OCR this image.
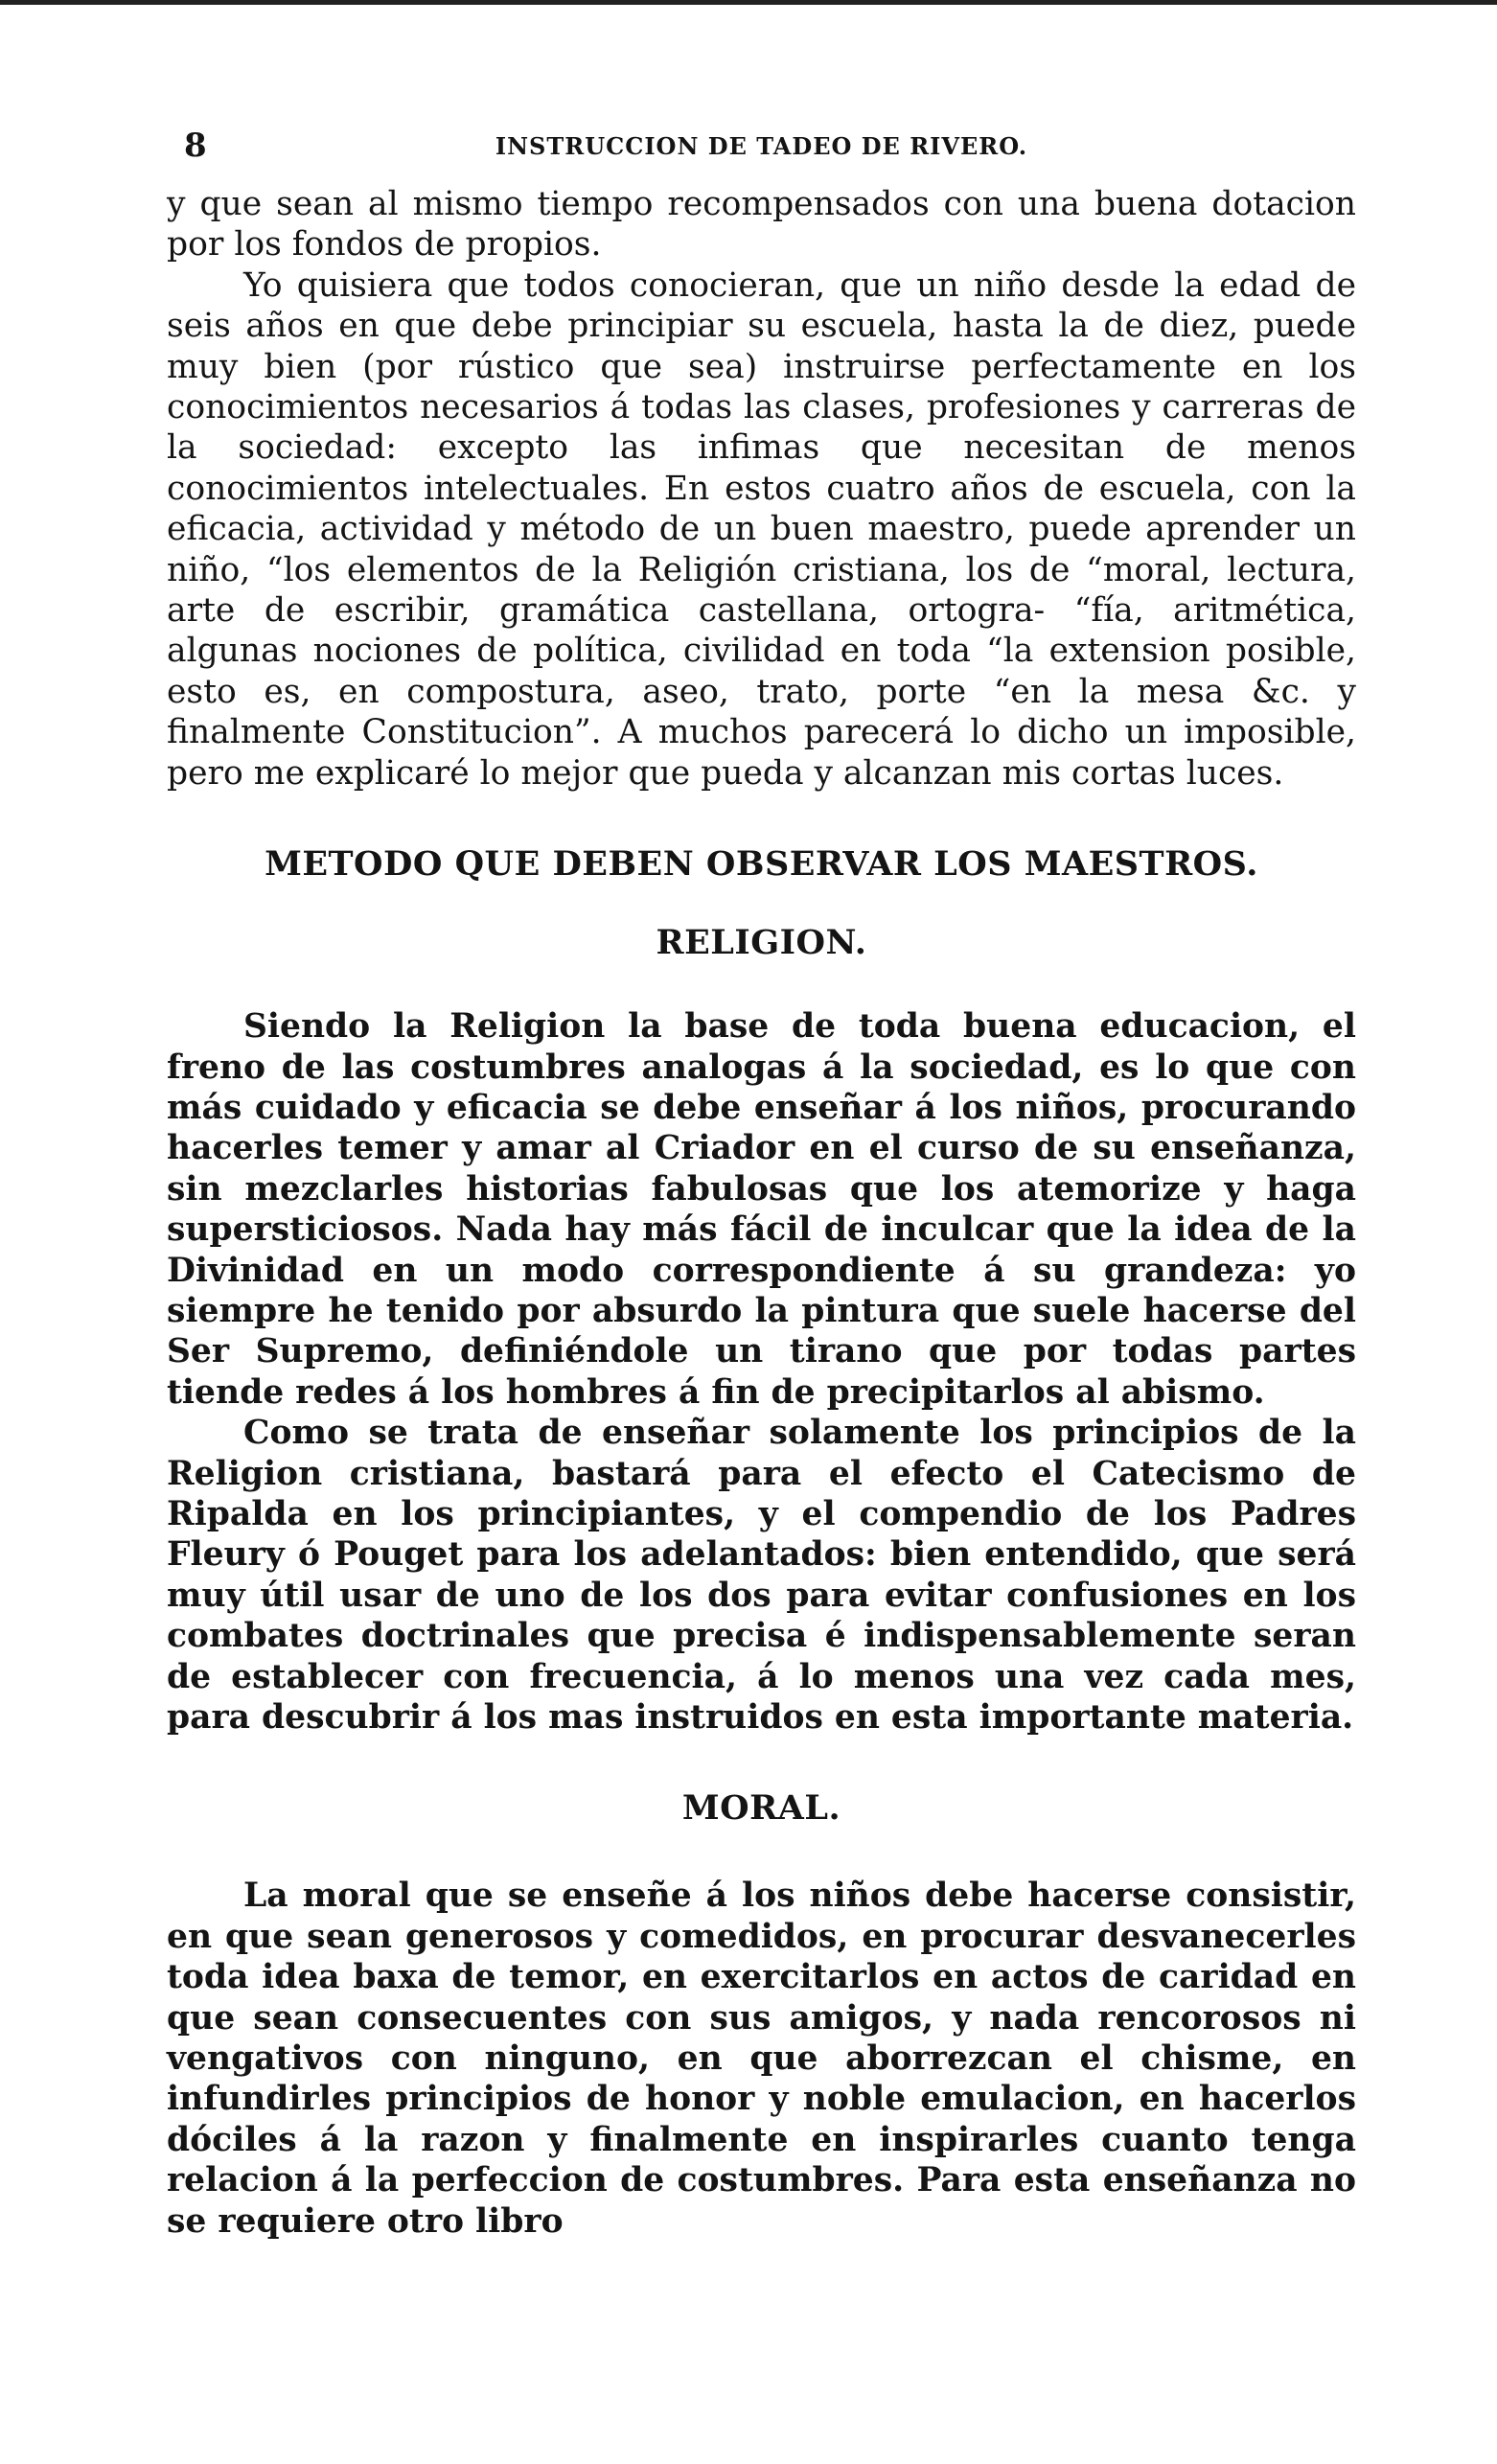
8	INSTRUCCION DE TADEO DE RIVERO.

y que sean al mismo tiempo recompensados con una buena dotacion por los fondos de propios.

Yo quisiera que todos conocieran, que un niño desde la edad de seis años en que debe principiar su escuela, hasta la de diez, puede muy bien (por rústico que sea) instruirse perfectamente en los conocimientos necesarios á todas las clases, profesiones y carreras de la sociedad: excepto las infimas que necesitan de menos conocimientos intelectuales. En estos cuatro años de escuela, con la eficacia, actividad y método de un buen maestro, puede aprender un niño, “los elementos de la Religión cristiana, los de “moral, lectura, arte de escribir, gramática castellana, ortogra- “fía, aritmética, algunas nociones de política, civilidad en toda “la extension posible, esto es, en compostura, aseo, trato, porte “en la mesa &c. y finalmente Constitucion”. A muchos parecerá lo dicho un imposible, pero me explicaré lo mejor que pueda y alcanzan mis cortas luces.

METODO QUE DEBEN OBSERVAR LOS MAESTROS.
RELIGION.

Siendo la Religion la base de toda buena educacion, el freno de las costumbres analogas á la sociedad, es lo que con más cuidado y eficacia se debe enseñar á los niños, procurando hacerles temer y amar al Criador en el curso de su enseñanza, sin mezclarles historias fabulosas que los atemorize y haga supersticiosos. Nada hay más fácil de inculcar que la idea de la Divinidad en un modo correspondiente á su grandeza: yo siempre he tenido por absurdo la pintura que suele hacerse del Ser Supremo, definiéndole un tirano que por todas partes tiende redes á los hombres á fin de precipitarlos al abismo.

Como se trata de enseñar solamente los principios de la Religion cristiana, bastará para el efecto el Catecismo de Ripalda en los principiantes, y el compendio de los Padres Fleury ó Pouget para los adelantados: bien entendido, que será muy útil usar de uno de los dos para evitar confusiones en los combates doctrinales que precisa é indispensablemente seran de establecer con frecuencia, á lo menos una vez cada mes, para descubrir á los mas instruidos en esta importante materia.

MORAL.

La moral que se enseñe á los niños debe hacerse consistir, en que sean generosos y comedidos, en procurar desvanecerles toda idea baxa de temor, en exercitarlos en actos de caridad en que sean consecuentes con sus amigos, y nada rencorosos ni vengativos con ninguno, en que aborrezcan el chisme, en infundirles principios de honor y noble emulacion, en hacerlos dóciles á la razon y finalmente en inspirarles cuanto tenga relacion á la perfeccion de costumbres. Para esta enseñanza no se requiere otro libro
